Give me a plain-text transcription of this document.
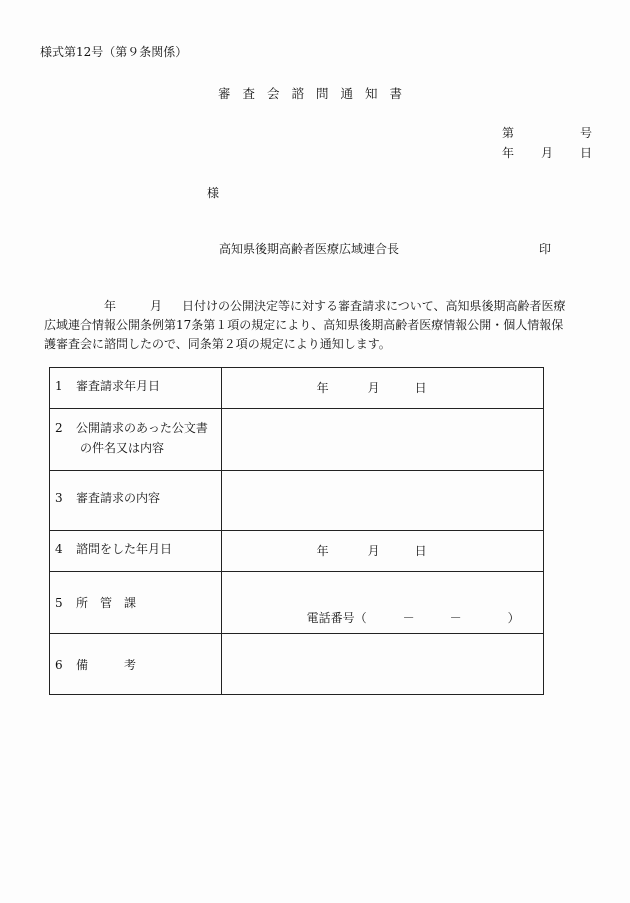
様式第12号（第９条関係）
審査会諮問通知書
第	号
年 月 日
様
高知県後期高齢者医療広域連合長	印
年	月 日付けの公開決定等に対する審査請求について、高知県後期高齢者医療
広域連合情報公開条例第17条第１項の規定により、高知県後期高齢者医療情報公開・個人情報保
護審査会に諮問したので、同条第２項の規定により通知します。
1 審査請求年月日	年 月 日

2 公開請求のあった公文書
の件名又は内容	

3 審査請求の内容	

4 諮問をした年月日	年 月 日

5 所　管　課	電話番号（ － － ）

6 備　　　考	
